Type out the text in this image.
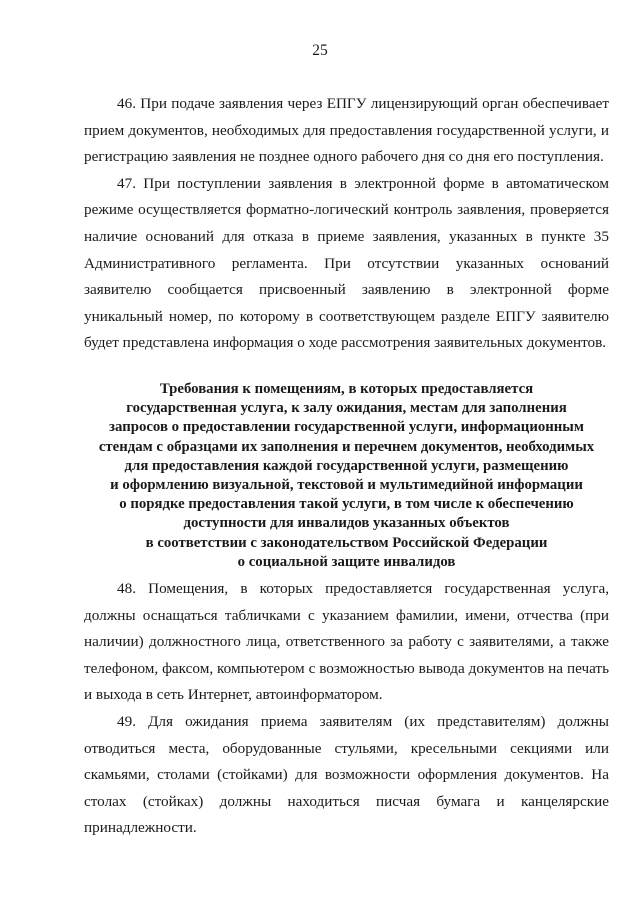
25

46. При подаче заявления через ЕПГУ лицензирующий орган обеспечивает прием документов, необходимых для предоставления государственной услуги, и регистрацию заявления не позднее одного рабочего дня со дня его поступления.

47. При поступлении заявления в электронной форме в автоматическом режиме осуществляется форматно-логический контроль заявления, проверяется наличие оснований для отказа в приеме заявления, указанных в пункте 35 Административного регламента. При отсутствии указанных оснований заявителю сообщается присвоенный заявлению в электронной форме уникальный номер, по которому в соответствующем разделе ЕПГУ заявителю будет представлена информация о ходе рассмотрения заявительных документов.

Требования к помещениям, в которых предоставляется
государственная услуга, к залу ожидания, местам для заполнения
запросов о предоставлении государственной услуги, информационным
стендам с образцами их заполнения и перечнем документов, необходимых
для предоставления каждой государственной услуги, размещению
и оформлению визуальной, текстовой и мультимедийной информации
о порядке предоставления такой услуги, в том числе к обеспечению
доступности для инвалидов указанных объектов
в соответствии с законодательством Российской Федерации
о социальной защите инвалидов

48. Помещения, в которых предоставляется государственная услуга, должны оснащаться табличками с указанием фамилии, имени, отчества (при наличии) должностного лица, ответственного за работу с заявителями, а также телефоном, факсом, компьютером с возможностью вывода документов на печать и выхода в сеть Интернет, автоинформатором.

49. Для ожидания приема заявителям (их представителям) должны отводиться места, оборудованные стульями, кресельными секциями или скамьями, столами (стойками) для возможности оформления документов. На столах (стойках) должны находиться писчая бумага и канцелярские принадлежности.
